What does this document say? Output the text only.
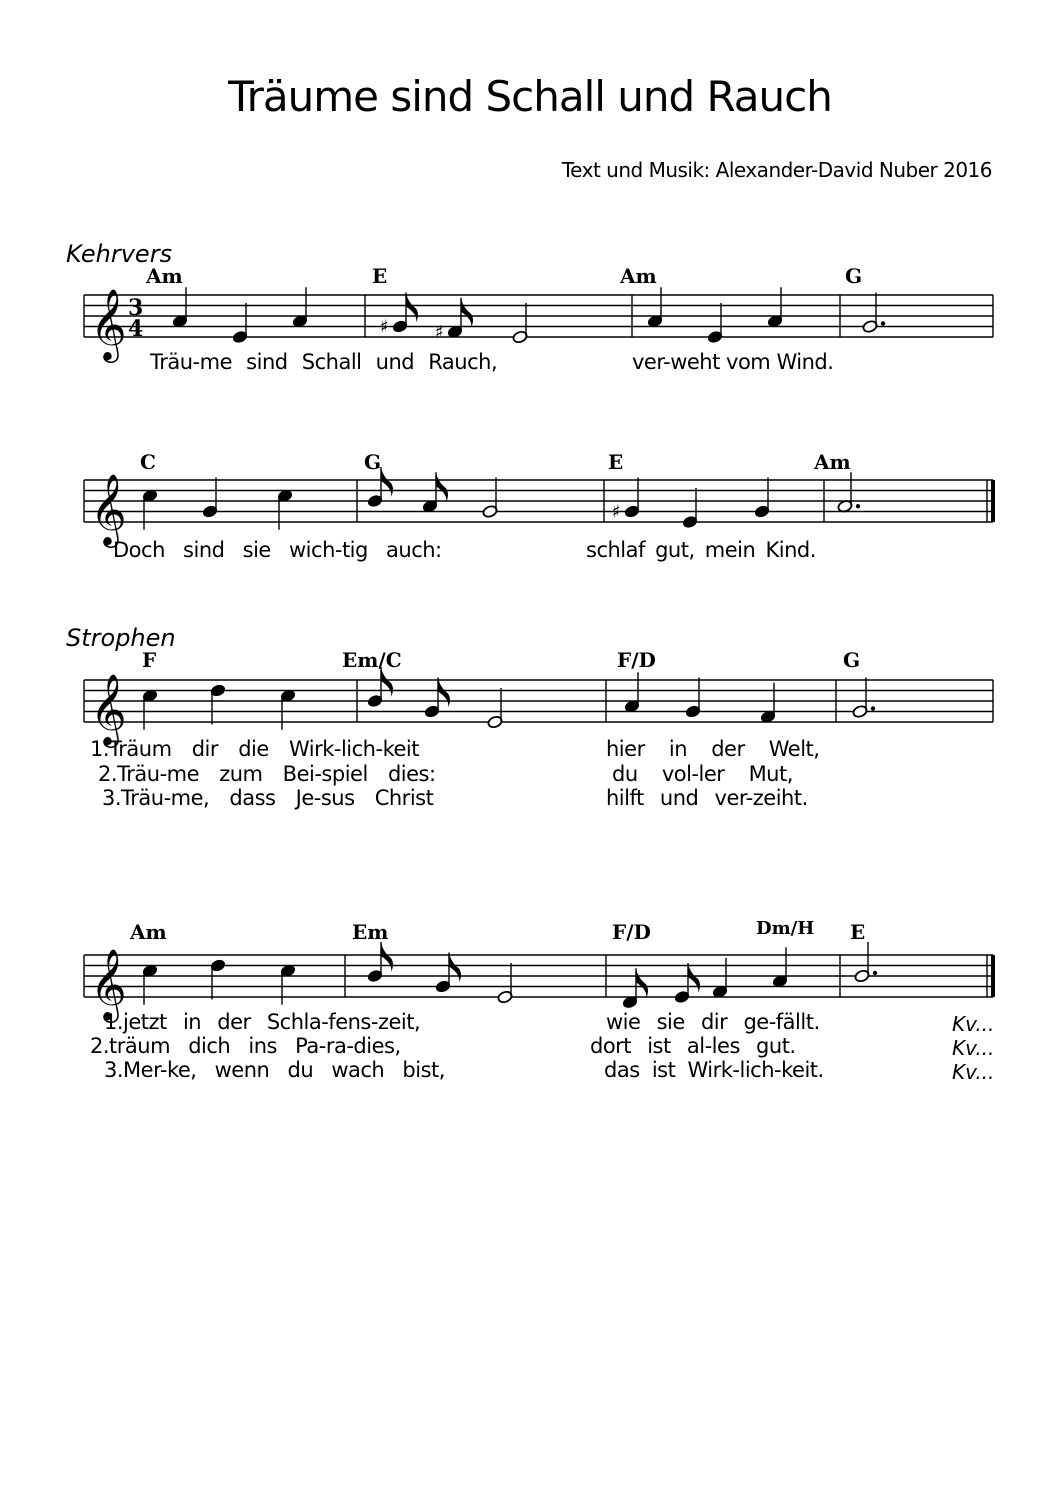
Träume sind Schall und Rauch
Text und Musik: Alexander-David Nuber 2016
Kehrvers
Strophen
𝄞 3
4	♯	♯
Am	E	Am	G
Träu-me sind Schall und Rauch,	ver-weht vom Wind.
𝄞	♯
C	G	E	Am
Doch sind sie wich-tig auch:	schlaf gut, mein Kind.
𝄞
F	Em/C	F/D	G
1.Träum dir die Wirk-lich-keit	hier in der Welt,
2.Träu-me zum Bei-spiel dies:	du vol-ler Mut,
3.Träu-me, dass Je-sus Christ	hilft und ver-zeiht.
𝄞
Am	Em	F/D	Dm/H E
1.jetzt in der Schla-fens-zeit,	wie sie dir ge-fällt.
2.träum dich ins Pa-ra-dies,	dort ist al-les gut.
3.Mer-ke, wenn du wach bist,	das ist Wirk-lich-keit.
Kv...
Kv...
Kv...
